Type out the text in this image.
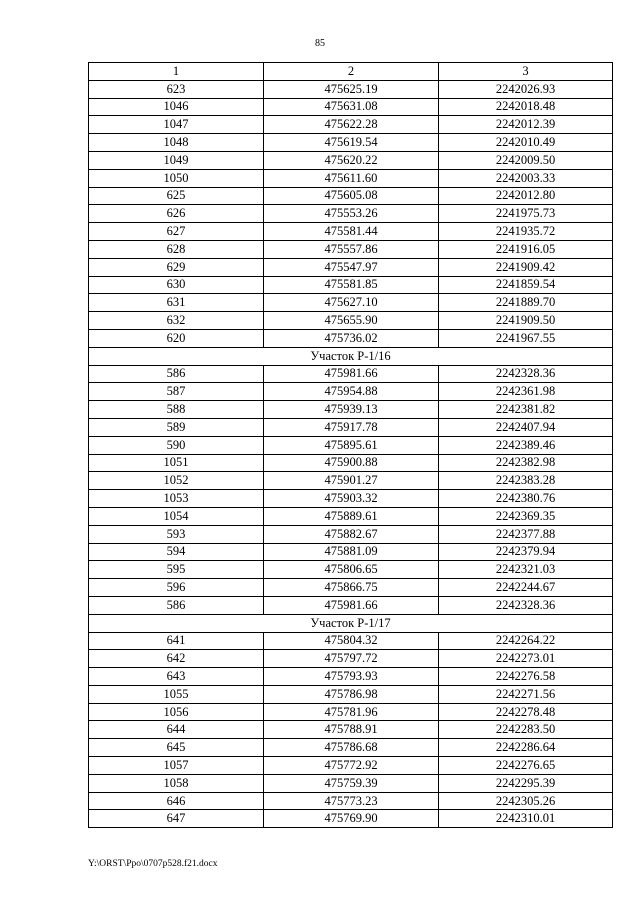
85
1	2	3
623	475625.19	2242026.93
1046	475631.08	2242018.48
1047	475622.28	2242012.39
1048	475619.54	2242010.49
1049	475620.22	2242009.50
1050	475611.60	2242003.33
625	475605.08	2242012.80
626	475553.26	2241975.73
627	475581.44	2241935.72
628	475557.86	2241916.05
629	475547.97	2241909.42
630	475581.85	2241859.54
631	475627.10	2241889.70
632	475655.90	2241909.50
620	475736.02	2241967.55
Участок Р-1/16		
586	475981.66	2242328.36
587	475954.88	2242361.98
588	475939.13	2242381.82
589	475917.78	2242407.94
590	475895.61	2242389.46
1051	475900.88	2242382.98
1052	475901.27	2242383.28
1053	475903.32	2242380.76
1054	475889.61	2242369.35
593	475882.67	2242377.88
594	475881.09	2242379.94
595	475806.65	2242321.03
596	475866.75	2242244.67
586	475981.66	2242328.36
Участок Р-1/17		
641	475804.32	2242264.22
642	475797.72	2242273.01
643	475793.93	2242276.58
1055	475786.98	2242271.56
1056	475781.96	2242278.48
644	475788.91	2242283.50
645	475786.68	2242286.64
1057	475772.92	2242276.65
1058	475759.39	2242295.39
646	475773.23	2242305.26
647	475769.90	2242310.01
Y:\ORST\Ppo\0707p528.f21.docx
